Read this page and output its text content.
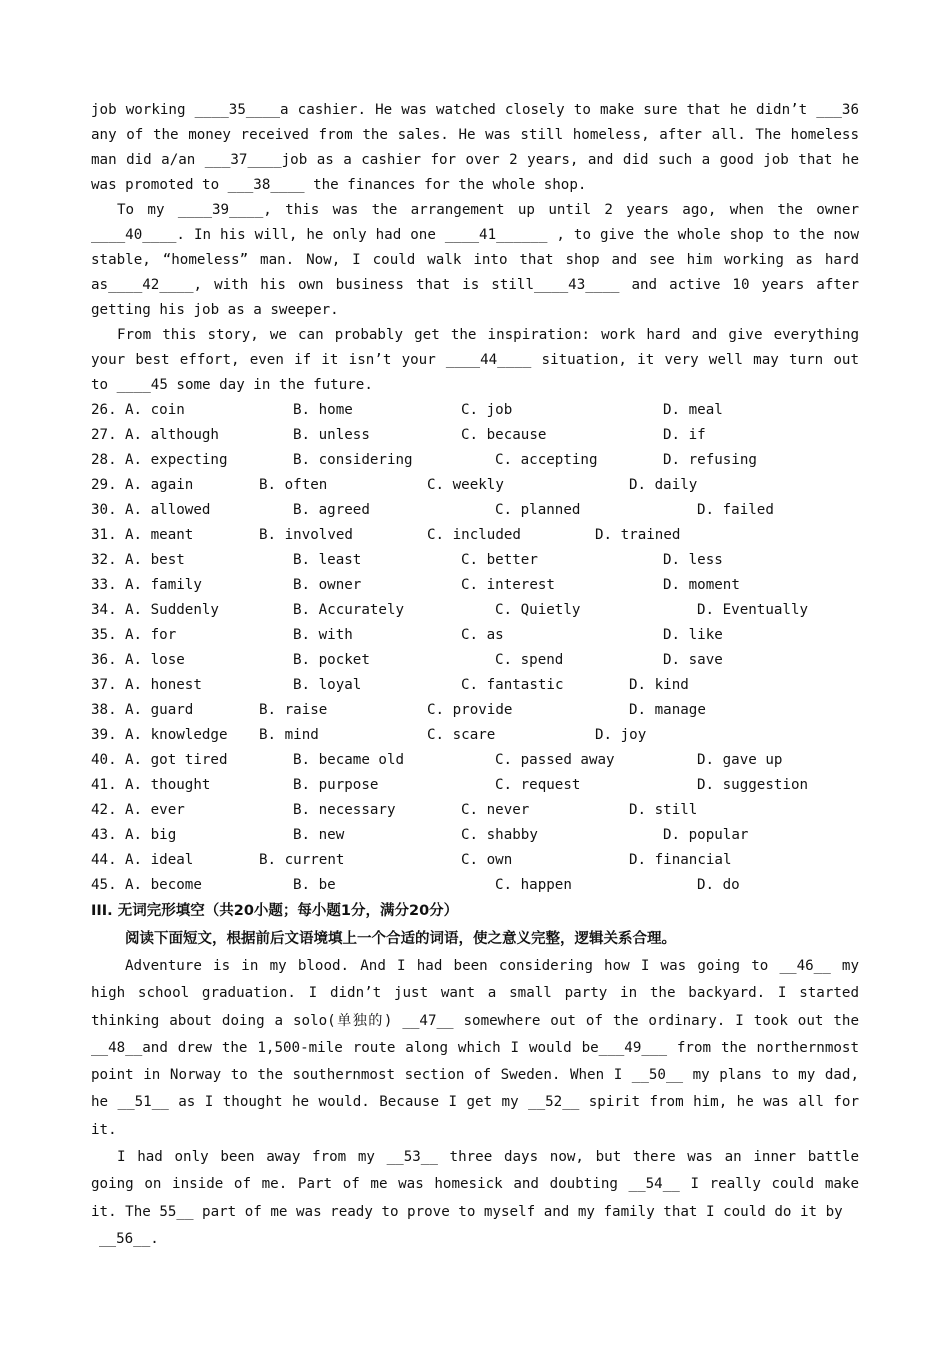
job working ____35____a cashier. He was watched closely to make sure that he didn’t ___36 any of the money received from the sales. He was still homeless, after all. The homeless man did a/an ___37____job as a cashier for over 2 years, and did such a good job that he was promoted to ___38____ the finances for the whole shop.

To my ____39____, this was the arrangement up until 2 years ago, when the owner ____40____. In his will, he only had one ____41______ , to give the whole shop to the now stable, “homeless” man. Now, I could walk into that shop and see him working as hard as____42____, with his own business that is still____43____ and active 10 years after getting his job as a sweeper.

From this story, we can probably get the inspiration: work hard and give everything your best effort, even if it isn’t your ____44____ situation, it very well may turn out to ____45 some day in the future.

26. A. coin	B. home	C. job	D. meal
27. A. although	B. unless	C. because	D. if
28. A. expecting	B. considering	C. accepting	D. refusing
29. A. again	B. often	C. weekly	D. daily
30. A. allowed	B. agreed	C. planned	D. failed
31. A. meant	B. involved	C. included	D. trained
32. A. best	B. least	C. better	D. less
33. A. family	B. owner	C. interest	D. moment
34. A. Suddenly	B. Accurately	C. Quietly	D. Eventually
35. A. for	B. with	C. as	D. like
36. A. lose	B. pocket	C. spend	D. save
37. A. honest	B. loyal	C. fantastic	D. kind
38. A. guard	B. raise	C. provide	D. manage
39. A. knowledge B. mind	C. scare	D. joy
40. A. got tired	B. became old	C. passed away	D. gave up
41. A. thought	B. purpose	C. request	D. suggestion
42. A. ever	B. necessary	C. never	D. still
43. A. big	B. new	C. shabby	D. popular
44. A. ideal	B. current	C. own	D. financial
45. A. become	B. be	C. happen	D. do

III. 无词完形填空（共20小题；每小题1分，满分20分）

阅读下面短文，根据前后文语境填上一个合适的词语，使之意义完整，逻辑关系合理。

Adventure is in my blood. And I had been considering how I was going to __46__ my high school graduation. I didn’t just want a small party in the backyard. I started thinking about doing a solo(单独的) __47__ somewhere out of the ordinary. I took out the __48__and drew the 1,500-mile route along which I would be___49___ from the northernmost point in Norway to the southernmost section of Sweden. When I __50__ my plans to my dad, he __51__ as I thought he would. Because I get my __52__ spirit from him, he was all for it.

I had only been away from my __53__ three days now, but there was an inner battle going on inside of me. Part of me was homesick and doubting __54__ I really could make it. The 55__ part of me was ready to prove to myself and my family that I could do it by

__56__.
